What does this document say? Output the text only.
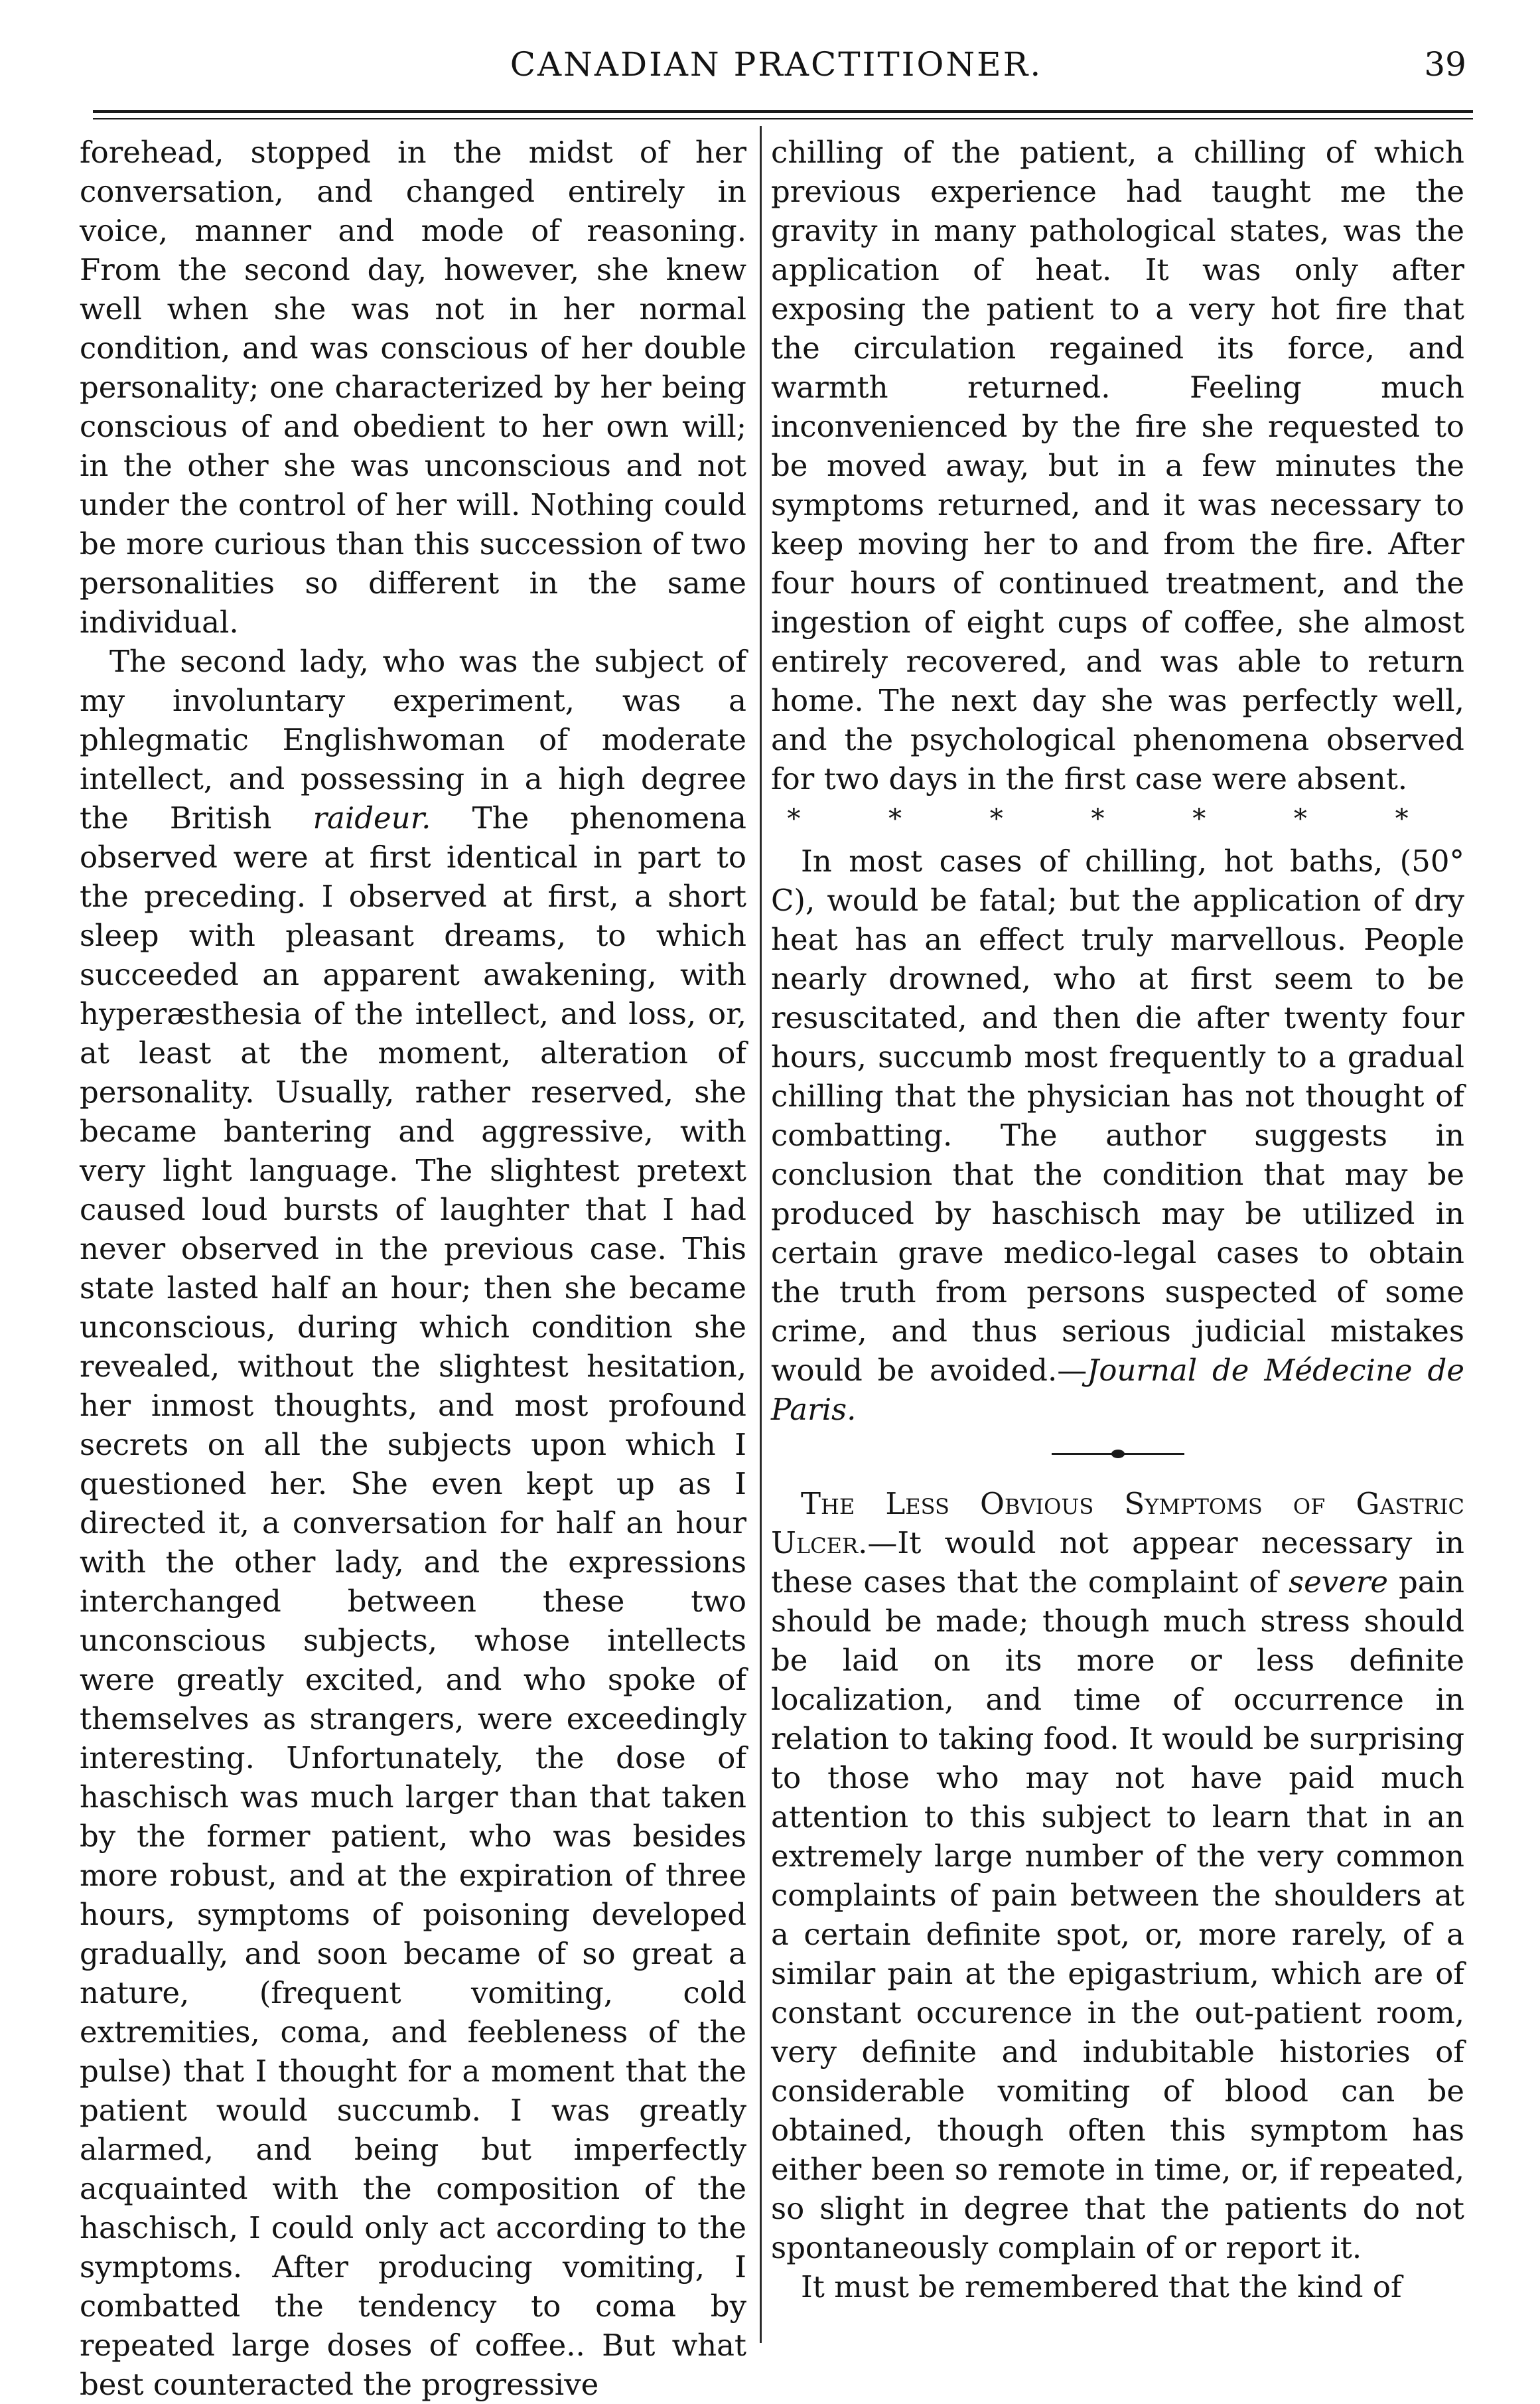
CANADIAN PRACTITIONER.	39

forehead, stopped in the midst of her conversation, and changed entirely in voice, manner and mode of reasoning. From the second day, however, she knew well when she was not in her normal condition, and was conscious of her double personality; one characterized by her being conscious of and obedient to her own will; in the other she was unconscious and not under the control of her will. Nothing could be more curious than this succession of two personalities so different in the same individual.

The second lady, who was the subject of my involuntary experiment, was a phlegmatic Englishwoman of moderate intellect, and possessing in a high degree the British raideur. The phenomena observed were at first identical in part to the preceding. I observed at first, a short sleep with pleasant dreams, to which succeeded an apparent awakening, with hyperæsthesia of the intellect, and loss, or, at least at the moment, alteration of personality. Usually, rather reserved, she became bantering and aggressive, with very light language. The slightest pretext caused loud bursts of laughter that I had never observed in the previous case. This state lasted half an hour; then she became unconscious, during which condition she revealed, without the slightest hesitation, her inmost thoughts, and most profound secrets on all the subjects upon which I questioned her. She even kept up as I directed it, a conversation for half an hour with the other lady, and the expressions interchanged between these two unconscious subjects, whose intellects were greatly excited, and who spoke of themselves as strangers, were exceedingly interesting. Unfortunately, the dose of haschisch was much larger than that taken by the former patient, who was besides more robust, and at the expiration of three hours, symptoms of poisoning developed gradually, and soon became of so great a nature, (frequent vomiting, cold extremities, coma, and feebleness of the pulse) that I thought for a moment that the patient would succumb. I was greatly alarmed, and being but imperfectly acquainted with the composition of the haschisch, I could only act according to the symptoms. After producing vomiting, I combatted the tendency to coma by repeated large doses of coffee.. But what best counteracted the progressive

chilling of the patient, a chilling of which previous experience had taught me the gravity in many pathological states, was the application of heat. It was only after exposing the patient to a very hot fire that the circulation regained its force, and warmth returned. Feeling much inconvenienced by the fire she requested to be moved away, but in a few minutes the symptoms returned, and it was necessary to keep moving her to and from the fire. After four hours of continued treatment, and the ingestion of eight cups of coffee, she almost entirely recovered, and was able to return home. The next day she was perfectly well, and the psychological phenomena observed for two days in the first case were absent.

* * * * * * *

In most cases of chilling, hot baths, (50° C), would be fatal; but the application of dry heat has an effect truly marvellous. People nearly drowned, who at first seem to be resuscitated, and then die after twenty four hours, succumb most frequently to a gradual chilling that the physician has not thought of combatting. The author suggests in conclusion that the condition that may be produced by haschisch may be utilized in certain grave medico-legal cases to obtain the truth from persons suspected of some crime, and thus serious judicial mistakes would be avoided.—Journal de Médecine de Paris.

The Less Obvious Symptoms of Gastric Ulcer.—It would not appear necessary in these cases that the complaint of severe pain should be made; though much stress should be laid on its more or less definite localization, and time of occurrence in relation to taking food. It would be surprising to those who may not have paid much attention to this subject to learn that in an extremely large number of the very common complaints of pain between the shoulders at a certain definite spot, or, more rarely, of a similar pain at the epigastrium, which are of constant occurence in the out-patient room, very definite and indubitable histories of considerable vomiting of blood can be obtained, though often this symptom has either been so remote in time, or, if repeated, so slight in degree that the patients do not spontaneously complain of or report it.

It must be remembered that the kind of
